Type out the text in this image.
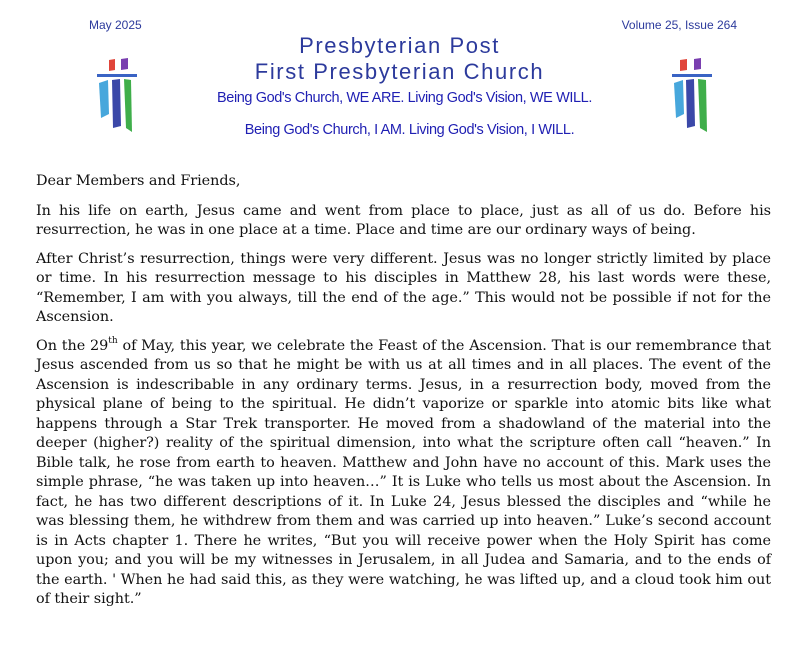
May 2025	Volume 25, Issue 264
Presbyterian Post
First Presbyterian Church
Being God's Church, WE ARE. Living God's Vision, WE WILL.
Being God's Church, I AM. Living God's Vision, I WILL.

Dear Members and Friends,

In his life on earth, Jesus came and went from place to place, just as all of us do. Before his resurrection, he was in one place at a time. Place and time are our ordinary ways of being.

After Christ’s resurrection, things were very different. Jesus was no longer strictly limited by place or time. In his resurrection message to his disciples in Matthew 28, his last words were these, “Remember, I am with you always, till the end of the age.” This would not be possible if not for the Ascension.

On the 29th of May, this year, we celebrate the Feast of the Ascension. That is our remembrance that Jesus ascended from us so that he might be with us at all times and in all places. The event of the Ascension is indescribable in any ordinary terms. Jesus, in a resurrection body, moved from the physical plane of being to the spiritual. He didn’t vaporize or sparkle into atomic bits like what happens through a Star Trek transporter. He moved from a shadowland of the material into the deeper (higher?) reality of the spiritual dimension, into what the scripture often call “heaven.” In Bible talk, he rose from earth to heaven. Matthew and John have no account of this. Mark uses the simple phrase, “he was taken up into heaven…” It is Luke who tells us most about the Ascension. In fact, he has two different descriptions of it. In Luke 24, Jesus blessed the disciples and “while he was blessing them, he withdrew from them and was carried up into heaven.” Luke’s second account is in Acts chapter 1. There he writes, “But you will receive power when the Holy Spirit has come upon you; and you will be my witnesses in Jerusalem, in all Judea and Samaria, and to the ends of the earth. ' When he had said this, as they were watching, he was lifted up, and a cloud took him out of their sight.”
